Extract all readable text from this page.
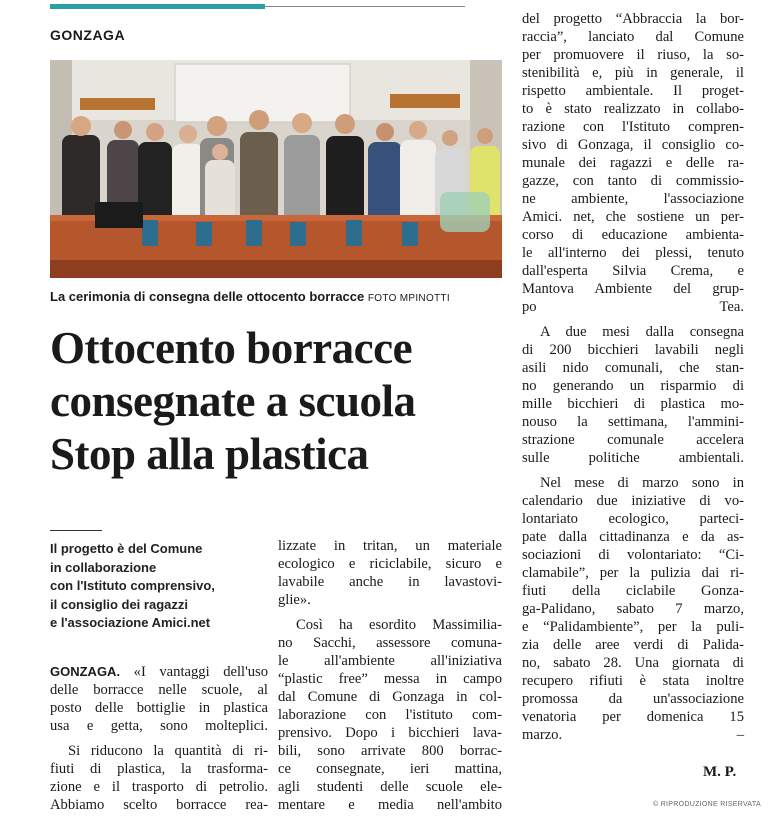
GONZAGA
La cerimonia di consegna delle ottocento borracce FOTO MPINOTTI
Ottocento borracce
consegnate a scuola
Stop alla plastica
Il progetto è del Comune
in collaborazione
con l'Istituto comprensivo,
il consiglio dei ragazzi
e l'associazione Amici.net
GONZAGA. «I vantaggi dell'uso
delle borracce nelle scuole, al
posto delle bottiglie in plastica
usa e getta, sono molteplici.
Si riducono la quantità di ri-
fiuti di plastica, la trasforma-
zione e il trasporto di petrolio.
Abbiamo scelto borracce rea-
lizzate in tritan, un materiale
ecologico e riciclabile, sicuro e
lavabile anche in lavastovi-
glie».
Così ha esordito Massimilia-
no Sacchi, assessore comuna-
le all'ambiente all'iniziativa
“plastic free” messa in campo
dal Comune di Gonzaga in col-
laborazione con l'istituto com-
prensivo. Dopo i bicchieri lava-
bili, sono arrivate 800 borrac-
ce consegnate, ieri mattina,
agli studenti delle scuole ele-
mentare e media nell'ambito
del progetto “Abbraccia la bor-
raccia”, lanciato dal Comune
per promuovere il riuso, la so-
stenibilità e, più in generale, il
rispetto ambientale. Il proget-
to è stato realizzato in collabo-
razione con l'Istituto compren-
sivo di Gonzaga, il consiglio co-
munale dei ragazzi e delle ra-
gazze, con tanto di commissio-
ne ambiente, l'associazione
Amici. net, che sostiene un per-
corso di educazione ambienta-
le all'interno dei plessi, tenuto
dall'esperta Silvia Crema, e
Mantova Ambiente del grup-
po Tea.
A due mesi dalla consegna
di 200 bicchieri lavabili negli
asili nido comunali, che stan-
no generando un risparmio di
mille bicchieri di plastica mo-
nouso la settimana, l'ammini-
strazione comunale accelera
sulle politiche ambientali.
Nel mese di marzo sono in
calendario due iniziative di vo-
lontariato ecologico, parteci-
pate dalla cittadinanza e da as-
sociazioni di volontariato: “Ci-
clamabile”, per la pulizia dai ri-
fiuti della ciclabile Gonza-
ga-Palidano, sabato 7 marzo,
e “Palidambiente”, per la puli-
zia delle aree verdi di Palida-
no, sabato 28. Una giornata di
recupero rifiuti è stata inoltre
promossa da un'associazione
venatoria per domenica 15
marzo. –
M. P.
© RIPRODUZIONE RISERVATA
